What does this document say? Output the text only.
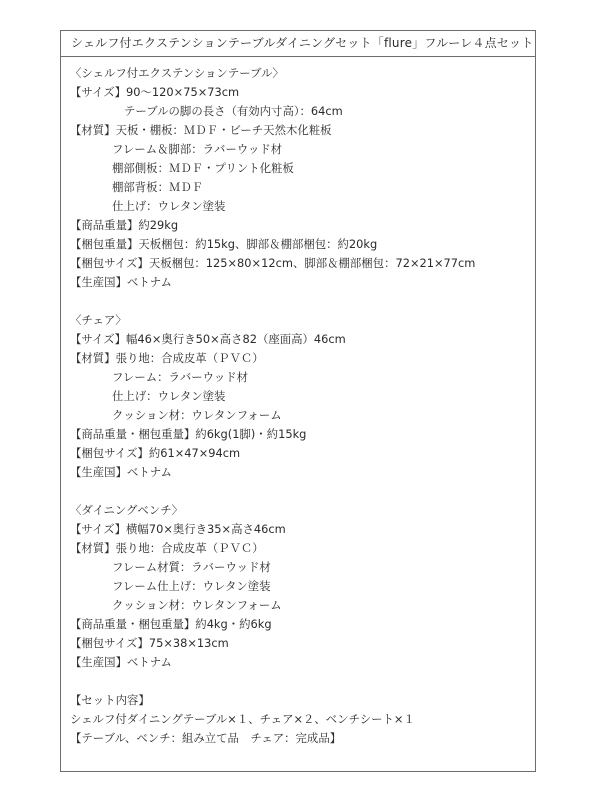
シェルフ付エクステンションテーブルダイニングセット「flure」フルーレ４点セット
〈シェルフ付エクステンションテーブル〉
【サイズ】90～120×75×73cm
テーブルの脚の長さ（有効内寸高）：64cm
【材質】天板・棚板：ＭＤＦ・ビーチ天然木化粧板
フレーム＆脚部：ラバーウッド材
棚部側板：ＭＤＦ・プリント化粧板
棚部背板：ＭＤＦ
仕上げ：ウレタン塗装
【商品重量】約29kg
【梱包重量】天板梱包：約15kg、脚部＆棚部梱包：約20kg
【梱包サイズ】天板梱包：125×80×12cm、脚部＆棚部梱包：72×21×77cm
【生産国】ベトナム
〈チェア〉
【サイズ】幅46×奥行き50×高さ82（座面高）46cm
【材質】張り地：合成皮革（ＰＶＣ）
フレーム：ラバーウッド材
仕上げ：ウレタン塗装
クッション材：ウレタンフォーム
【商品重量・梱包重量】約6kg(1脚)・約15kg
【梱包サイズ】約61×47×94cm
【生産国】ベトナム
〈ダイニングベンチ〉
【サイズ】横幅70×奥行き35×高さ46cm
【材質】張り地：合成皮革（ＰＶＣ）
フレーム材質：ラバーウッド材
フレーム仕上げ：ウレタン塗装
クッション材：ウレタンフォーム
【商品重量・梱包重量】約4kg・約6kg
【梱包サイズ】75×38×13cm
【生産国】ベトナム
【セット内容】
シェルフ付ダイニングテーブル×１、チェア×２、ベンチシート×１
【テーブル、ベンチ：組み立て品　チェア：完成品】
